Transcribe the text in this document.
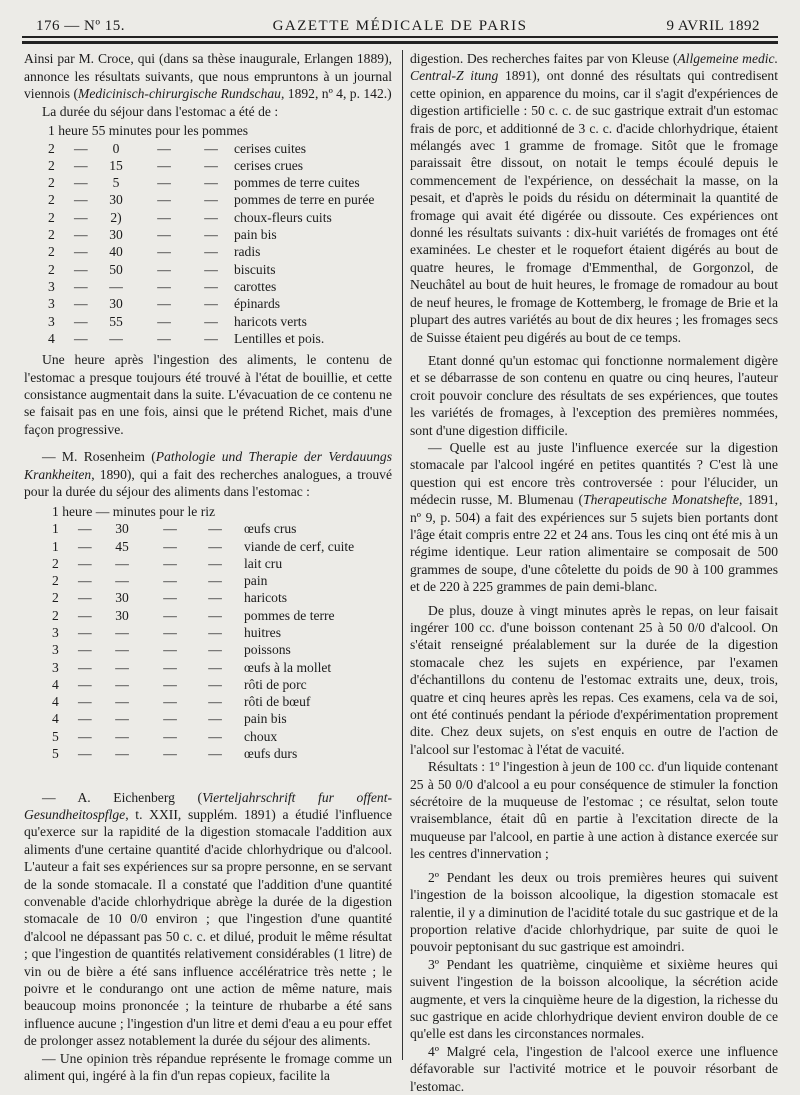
176 — Nº 15.	GAZETTE MÉDICALE DE PARIS	9 AVRIL 1892

Ainsi par M. Croce, qui (dans sa thèse inaugurale, Erlangen 1889), annonce les résultats suivants, que nous empruntons à un journal viennois (Medicinisch-chirurgische Rundschau, 1892, nº 4, p. 142.)

La durée du séjour dans l'estomac a été de :

1 heure 55 minutes pour les pommes
2	—	0	—	—	cerises cuites
2	—	15	—	—	cerises crues
2	—	5	—	—	pommes de terre cuites
2	—	30	—	—	pommes de terre en purée
2	—	2)	—	—	choux-fleurs cuits
2	—	30	—	—	pain bis
2	—	40	—	—	radis
2	—	50	—	—	biscuits
3	—	—	—	—	carottes
3	—	30	—	—	épinards
3	—	55	—	—	haricots verts
4	—	—	—	—	Lentilles et pois.

Une heure après l'ingestion des aliments, le contenu de l'estomac a presque toujours été trouvé à l'état de bouillie, et cette consistance augmentait dans la suite. L'évacuation de ce contenu ne se faisait pas en une fois, ainsi que le prétend Richet, mais d'une façon progressive.

— M. Rosenheim (Pathologie und Therapie der Verdauungs Krankheiten, 1890), qui a fait des recherches analogues, a trouvé pour la durée du séjour des aliments dans l'estomac :

1 heure — minutes pour le riz
1	—	30	—	—	œufs crus
1	—	45	—	—	viande de cerf, cuite
2	—	—	—	—	lait cru
2	—	—	—	—	pain
2	—	30	—	—	haricots
2	—	30	—	—	pommes de terre
3	—	—	—	—	huitres
3	—	—	—	—	poissons
3	—	—	—	—	œufs à la mollet
4	—	—	—	—	rôti de porc
4	—	—	—	—	rôti de bœuf
4	—	—	—	—	pain bis
5	—	—	—	—	choux
5	—	—	—	—	œufs durs

— A. Eichenberg (Vierteljahrschrift fur offent-Gesundheitospflge, t. XXII, supplém. 1891) a étudié l'influence qu'exerce sur la rapidité de la digestion stomacale l'addition aux aliments d'une certaine quantité d'acide chlorhydrique ou d'alcool. L'auteur a fait ses expériences sur sa propre personne, en se servant de la sonde stomacale. Il a constaté que l'addition d'une quantité convenable d'acide chlorhydrique abrège la durée de la digestion stomacale de 10 0/0 environ ; que l'ingestion d'une quantité d'alcool ne dépassant pas 50 c. c. et dilué, produit le même résultat ; que l'ingestion de quantités relativement considérables (1 litre) de vin ou de bière a été sans influence accélératrice très nette ; le poivre et le condurango ont une action de même nature, mais beaucoup moins prononcée ; la teinture de rhubarbe a été sans influence aucune ; l'ingestion d'un litre et demi d'eau a eu pour effet de prolonger assez notablement la durée du séjour des aliments.

— Une opinion très répandue représente le fromage comme un aliment qui, ingéré à la fin d'un repas copieux, facilite la

digestion. Des recherches faites par von Kleuse (Allgemeine medic. Central-Z itung 1891), ont donné des résultats qui contredisent cette opinion, en apparence du moins, car il s'agit d'expériences de digestion artificielle : 50 c. c. de suc gastrique extrait d'un estomac frais de porc, et additionné de 3 c. c. d'acide chlorhydrique, étaient mélangés avec 1 gramme de fromage. Sitôt que le fromage paraissait être dissout, on notait le temps écoulé depuis le commencement de l'expérience, on desséchait la masse, on la pesait, et d'après le poids du résidu on déterminait la quantité de fromage qui avait été digérée ou dissoute. Ces expériences ont donné les résultats suivants : dix-huit variétés de fromages ont été examinées. Le chester et le roquefort étaient digérés au bout de quatre heures, le fromage d'Emmenthal, de Gorgonzol, de Neuchâtel au bout de huit heures, le fromage de romadour au bout de neuf heures, le fromage de Kottemberg, le fromage de Brie et la plupart des autres variétés au bout de dix heures ; les fromages secs de Suisse étaient peu digérés au bout de ce temps.

Etant donné qu'un estomac qui fonctionne normalement digère et se débarrasse de son contenu en quatre ou cinq heures, l'auteur croit pouvoir conclure des résultats de ses expériences, que toutes les variétés de fromages, à l'exception des premières nommées, sont d'une digestion difficile.

— Quelle est au juste l'influence exercée sur la digestion stomacale par l'alcool ingéré en petites quantités ? C'est là une question qui est encore très controversée : pour l'élucider, un médecin russe, M. Blumenau (Therapeutische Monatshefte, 1891, nº 9, p. 504) a fait des expériences sur 5 sujets bien portants dont l'âge était compris entre 22 et 24 ans. Tous les cinq ont été mis à un régime identique. Leur ration alimentaire se composait de 500 grammes de soupe, d'une côtelette du poids de 90 à 100 grammes et de 220 à 225 grammes de pain demi-blanc.

De plus, douze à vingt minutes après le repas, on leur faisait ingérer 100 cc. d'une boisson contenant 25 à 50 0/0 d'alcool. On s'était renseigné préalablement sur la durée de la digestion stomacale chez les sujets en expérience, par l'examen d'échantillons du contenu de l'estomac extraits une, deux, trois, quatre et cinq heures après les repas. Ces examens, cela va de soi, ont été continués pendant la période d'expérimentation proprement dite. Chez deux sujets, on s'est enquis en outre de l'action de l'alcool sur l'estomac à l'état de vacuité.

Résultats : 1º l'ingestion à jeun de 100 cc. d'un liquide contenant 25 à 50 0/0 d'alcool a eu pour conséquence de stimuler la fonction sécrétoire de la muqueuse de l'estomac ; ce résultat, selon toute vraisemblance, était dû en partie à l'excitation directe de la muqueuse par l'alcool, en partie à une action à distance exercée sur les centres d'innervation ;

2º Pendant les deux ou trois premières heures qui suivent l'ingestion de la boisson alcoolique, la digestion stomacale est ralentie, il y a diminution de l'acidité totale du suc gastrique et de la proportion relative d'acide chlorhydrique, par suite de quoi le pouvoir peptonisant du suc gastrique est amoindri.

3º Pendant les quatrième, cinquième et sixième heures qui suivent l'ingestion de la boisson alcoolique, la sécrétion acide augmente, et vers la cinquième heure de la digestion, la richesse du suc gastrique en acide chlorhydrique devient environ double de ce qu'elle est dans les circonstances normales.

4º Malgré cela, l'ingestion de l'alcool exerce une influence défavorable sur l'activité motrice et le pouvoir résorbant de l'estomac.
